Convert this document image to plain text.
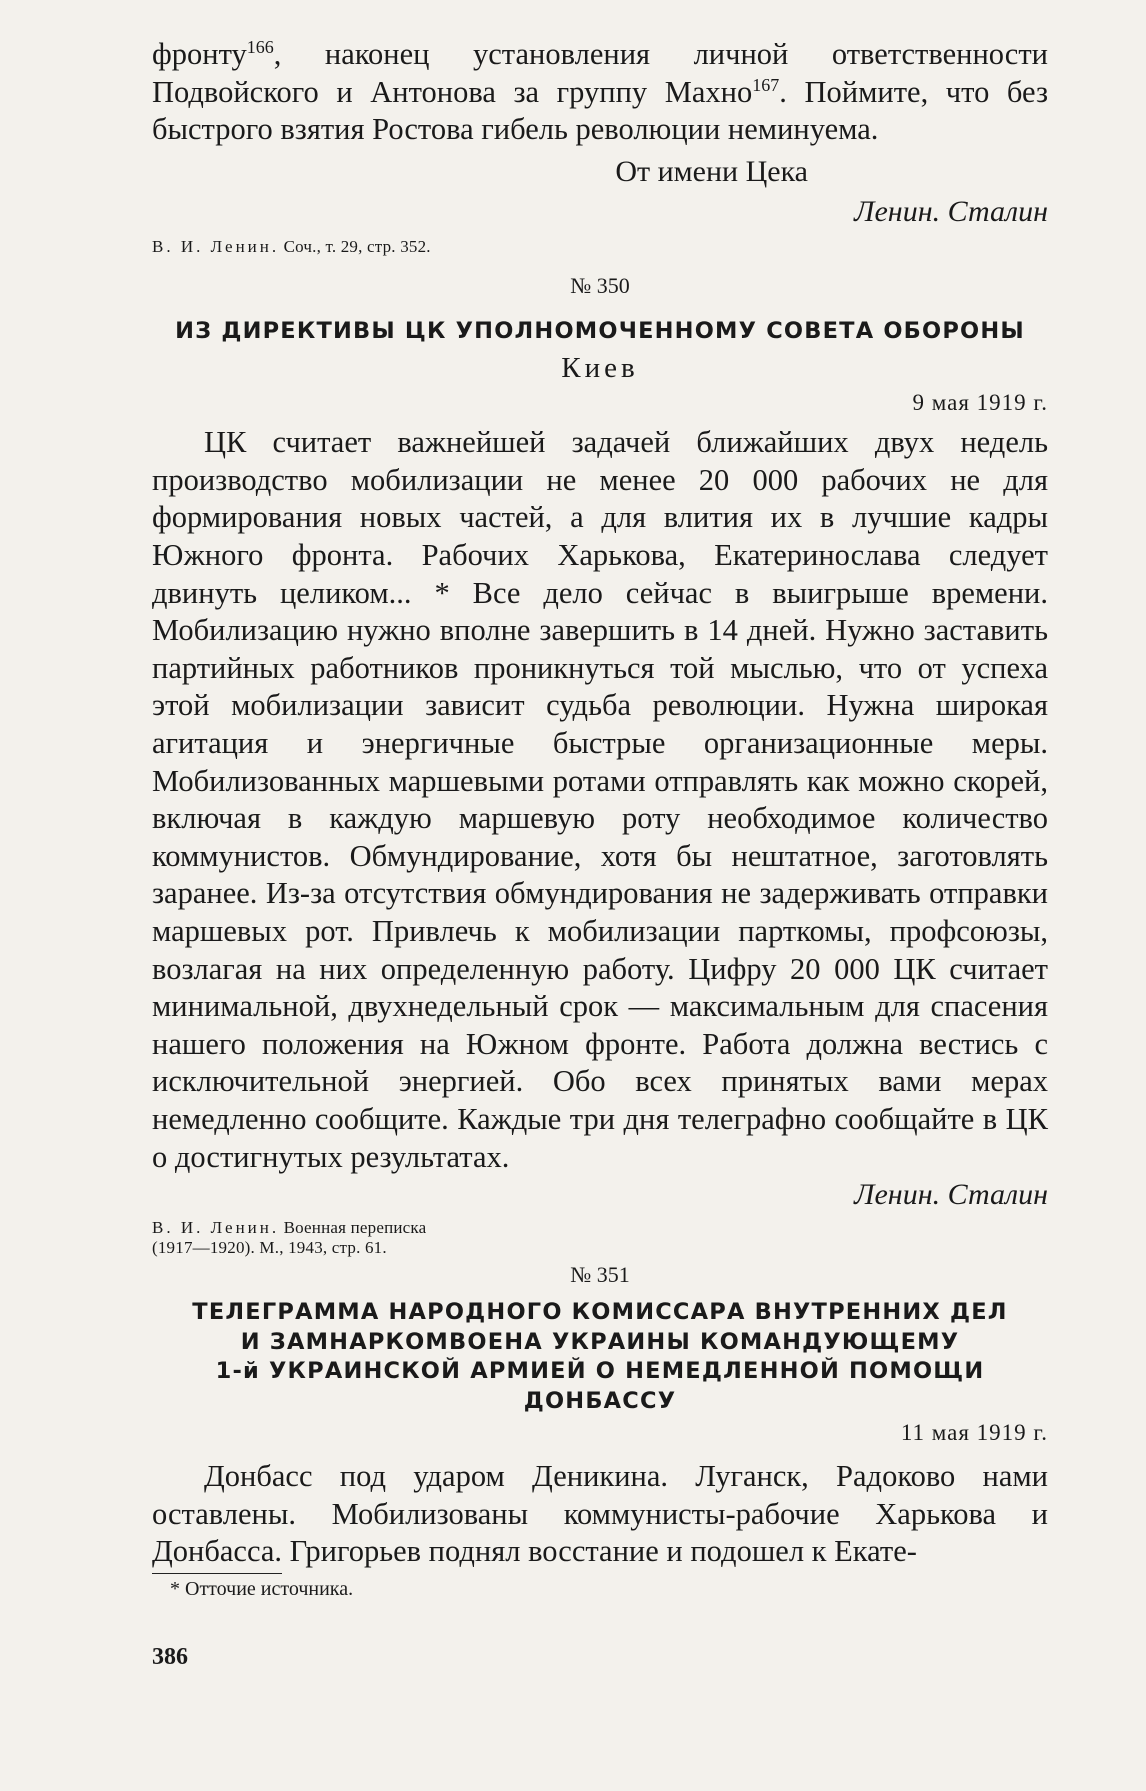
фронту$^{166}$, наконец установления личной ответственности Подвойского и Антонова за группу Махно$^{167}$. Поймите, что без быстрого взятия Ростова гибель революции неминуема.

От имени Цека

Ленин. Сталин

В. И. Ленин. Соч., т. 29, стр. 352.

№ 350

ИЗ ДИРЕКТИВЫ ЦК УПОЛНОМОЧЕННОМУ СОВЕТА ОБОРОНЫ

Киев

9 мая 1919 г.

ЦК считает важнейшей задачей ближайших двух недель производство мобилизации не менее 20 000 рабочих не для формирования новых частей, а для влития их в лучшие кадры Южного фронта. Рабочих Харькова, Екатеринослава следует двинуть целиком... * Все дело сейчас в выигрыше времени. Мобилизацию нужно вполне завершить в 14 дней. Нужно заставить партийных работников проникнуться той мыслью, что от успеха этой мобилизации зависит судьба революции. Нужна широкая агитация и энергичные быстрые организационные меры. Мобилизованных маршевыми ротами отправлять как можно скорей, включая в каждую маршевую роту необходимое количество коммунистов. Обмундирование, хотя бы нештатное, заготовлять заранее. Из-за отсутствия обмундирования не задерживать отправки маршевых рот. Привлечь к мобилизации парткомы, профсоюзы, возлагая на них определенную работу. Цифру 20 000 ЦК считает минимальной, двухнедельный срок — максимальным для спасения нашего положения на Южном фронте. Работа должна вестись с исключительной энергией. Обо всех принятых вами мерах немедленно сообщите. Каждые три дня телеграфно сообщайте в ЦК о достигнутых результатах.

Ленин. Сталин

В. И. Ленин. Военная переписка
(1917—1920). М., 1943, стр. 61.

№ 351

ТЕЛЕГРАММА НАРОДНОГО КОМИССАРА ВНУТРЕННИХ ДЕЛ

И ЗАМНАРКОМВОЕНА УКРАИНЫ КОМАНДУЮЩЕМУ

1-й УКРАИНСКОЙ АРМИЕЙ О НЕМЕДЛЕННОЙ ПОМОЩИ

ДОНБАССУ

11 мая 1919 г.

Донбасс под ударом Деникина. Луганск, Радоково нами оставлены. Мобилизованы коммунисты-рабочие Харькова и Донбасса. Григорьев поднял восстание и подошел к Екате-

* Отточие источника.

386
